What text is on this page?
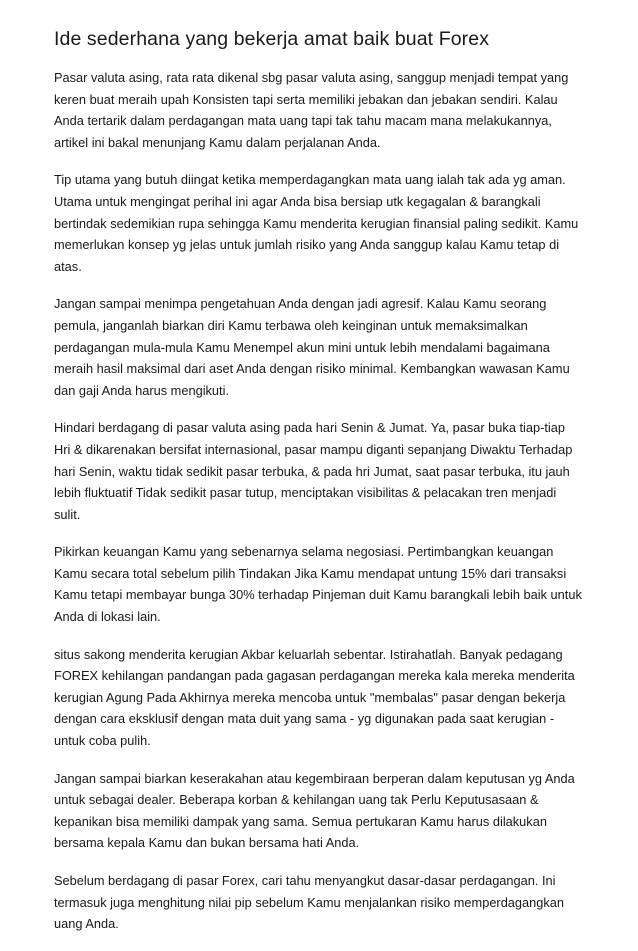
Ide sederhana yang bekerja amat baik buat Forex

Pasar valuta asing, rata rata dikenal sbg pasar valuta asing, sanggup menjadi tempat yang
keren buat meraih upah Konsisten tapi serta memiliki jebakan dan jebakan sendiri. Kalau
Anda tertarik dalam perdagangan mata uang tapi tak tahu macam mana melakukannya,
artikel ini bakal menunjang Kamu dalam perjalanan Anda.

Tip utama yang butuh diingat ketika memperdagangkan mata uang ialah tak ada yg aman.
Utama untuk mengingat perihal ini agar Anda bisa bersiap utk kegagalan & barangkali
bertindak sedemikian rupa sehingga Kamu menderita kerugian finansial paling sedikit. Kamu
memerlukan konsep yg jelas untuk jumlah risiko yang Anda sanggup kalau Kamu tetap di
atas.

Jangan sampai menimpa pengetahuan Anda dengan jadi agresif. Kalau Kamu seorang
pemula, janganlah biarkan diri Kamu terbawa oleh keinginan untuk memaksimalkan
perdagangan mula-mula Kamu Menempel akun mini untuk lebih mendalami bagaimana
meraih hasil maksimal dari aset Anda dengan risiko minimal. Kembangkan wawasan Kamu
dan gaji Anda harus mengikuti.

Hindari berdagang di pasar valuta asing pada hari Senin & Jumat. Ya, pasar buka tiap-tiap
Hri & dikarenakan bersifat internasional, pasar mampu diganti sepanjang Diwaktu Terhadap
hari Senin, waktu tidak sedikit pasar terbuka, & pada hri Jumat, saat pasar terbuka, itu jauh
lebih fluktuatif Tidak sedikit pasar tutup, menciptakan visibilitas & pelacakan tren menjadi
sulit.

Pikirkan keuangan Kamu yang sebenarnya selama negosiasi. Pertimbangkan keuangan
Kamu secara total sebelum pilih Tindakan Jika Kamu mendapat untung 15% dari transaksi
Kamu tetapi membayar bunga 30% terhadap Pinjeman duit Kamu barangkali lebih baik untuk
Anda di lokasi lain.

situs sakong menderita kerugian Akbar keluarlah sebentar. Istirahatlah. Banyak pedagang
FOREX kehilangan pandangan pada gagasan perdagangan mereka kala mereka menderita
kerugian Agung Pada Akhirnya mereka mencoba untuk "membalas" pasar dengan bekerja
dengan cara eksklusif dengan mata duit yang sama - yg digunakan pada saat kerugian -
untuk coba pulih.

Jangan sampai biarkan keserakahan atau kegembiraan berperan dalam keputusan yg Anda
untuk sebagai dealer. Beberapa korban & kehilangan uang tak Perlu Keputusasaan &
kepanikan bisa memiliki dampak yang sama. Semua pertukaran Kamu harus dilakukan
bersama kepala Kamu dan bukan bersama hati Anda.

Sebelum berdagang di pasar Forex, cari tahu menyangkut dasar-dasar perdagangan. Ini
termasuk juga menghitung nilai pip sebelum Kamu menjalankan risiko memperdagangkan
uang Anda.
